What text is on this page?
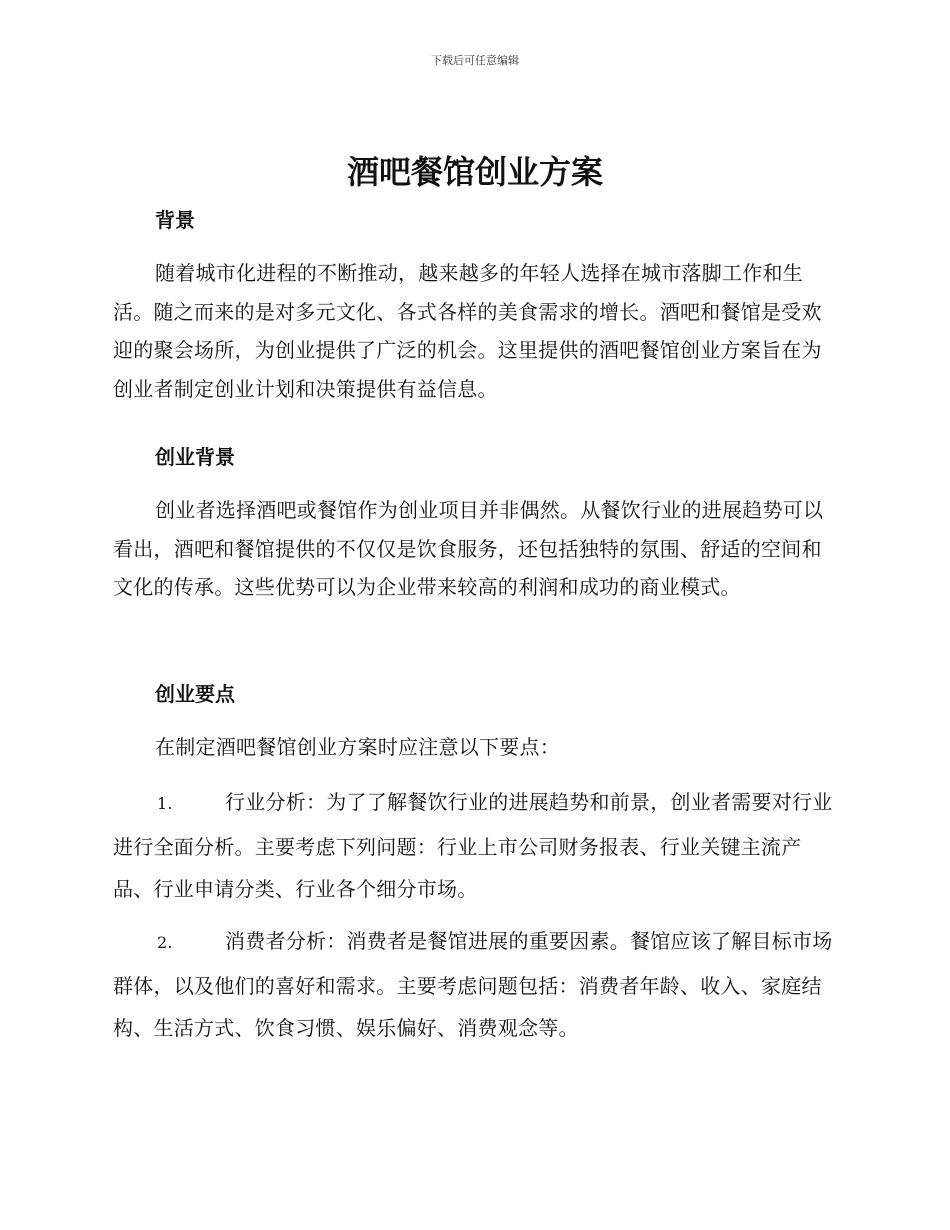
下载后可任意编辑
酒吧餐馆创业方案
背景

随着城市化进程的不断推动，越来越多的年轻人选择在城市落脚工作和生活。随之而来的是对多元文化、各式各样的美食需求的增长。酒吧和餐馆是受欢迎的聚会场所，为创业提供了广泛的机会。这里提供的酒吧餐馆创业方案旨在为创业者制定创业计划和决策提供有益信息。

创业背景

创业者选择酒吧或餐馆作为创业项目并非偶然。从餐饮行业的进展趋势可以看出，酒吧和餐馆提供的不仅仅是饮食服务，还包括独特的氛围、舒适的空间和文化的传承。这些优势可以为企业带来较高的利润和成功的商业模式。

创业要点

在制定酒吧餐馆创业方案时应注意以下要点：

1.	行业分析：为了了解餐饮行业的进展趋势和前景，创业者需要对行业进行全面分析。主要考虑下列问题：行业上市公司财务报表、行业关键主流产品、行业申请分类、行业各个细分市场。

2.	消费者分析：消费者是餐馆进展的重要因素。餐馆应该了解目标市场群体，以及他们的喜好和需求。主要考虑问题包括：消费者年龄、收入、家庭结构、生活方式、饮食习惯、娱乐偏好、消费观念等。
